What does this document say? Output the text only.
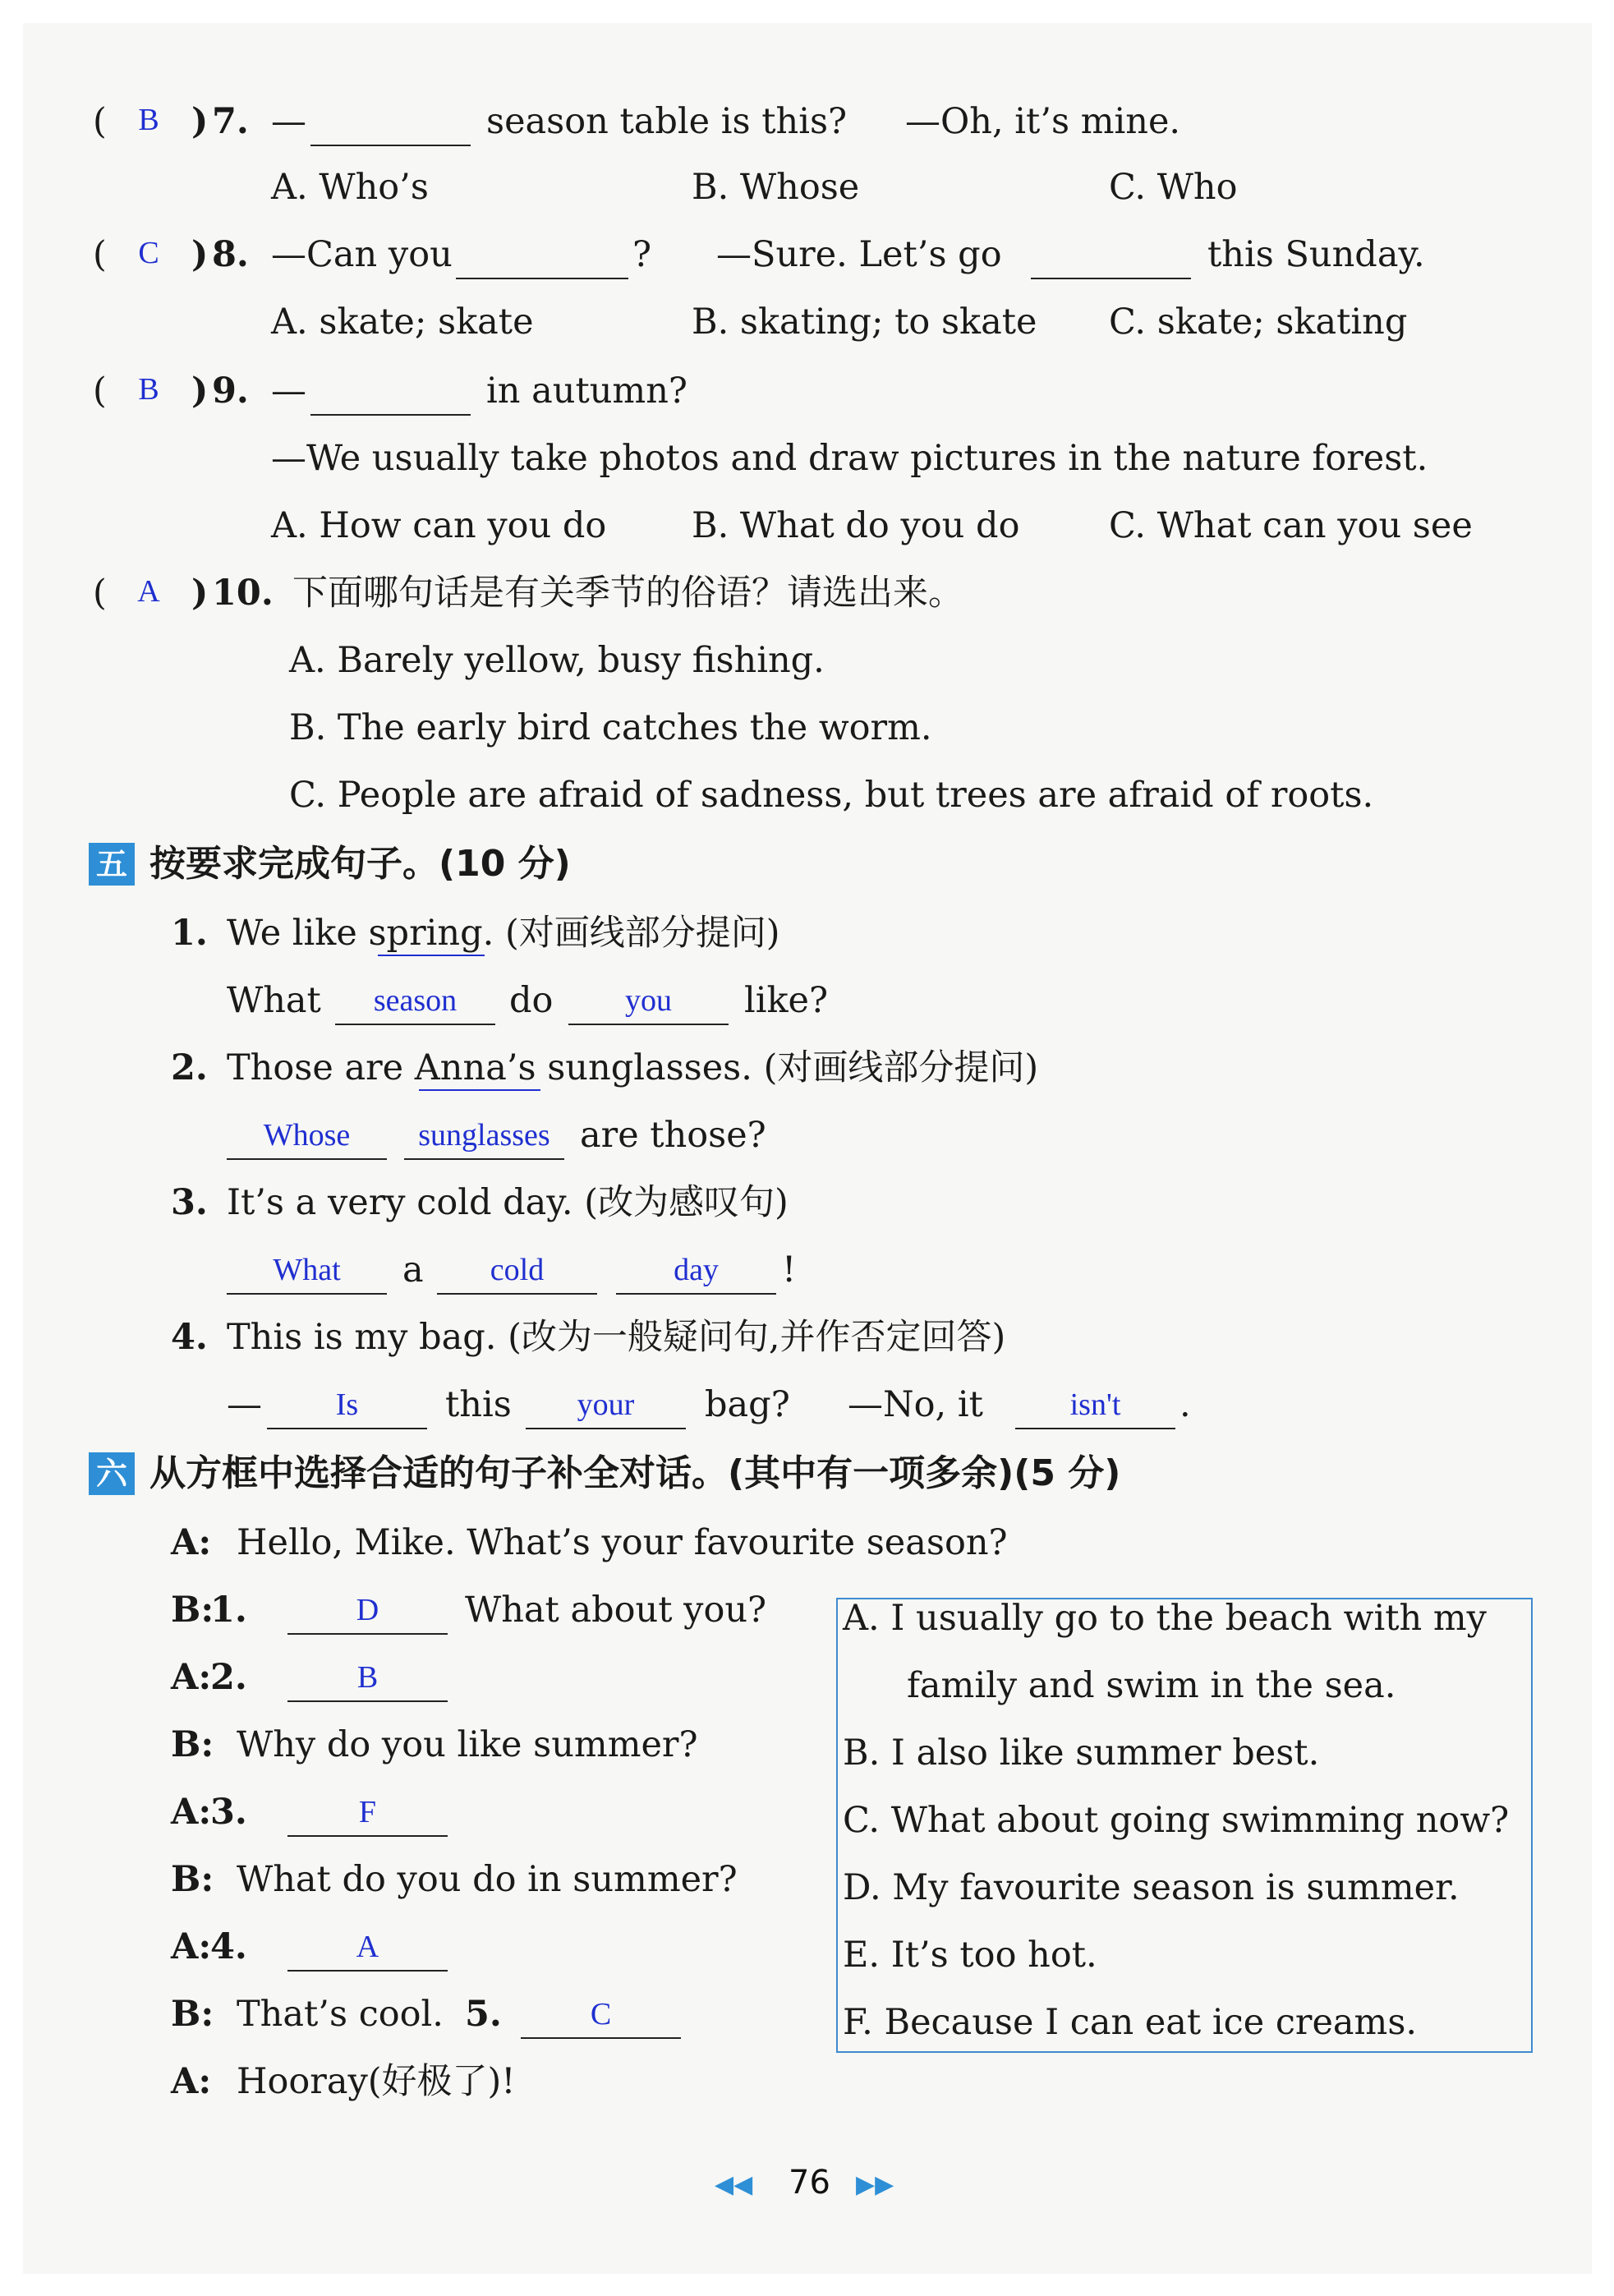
( B ) 7. —	season table is this? —Oh, it’s mine.
A. Who’s	B. Whose	C. Who
( C ) 8. —Can you	? —Sure. Let’s go	this Sunday.
A. skate; skate	B. skating; to skate C. skate; skating
( B ) 9. —	in autumn?
—We usually take photos and draw pictures in the nature forest.
A. How can you do B. What do you do	C. What can you see
( A ) 10. 下面哪句话是有关季节的俗语？请选出来。
A. Barely yellow, busy fishing.
B. The early bird catches the worm.
C. People are afraid of sadness, but trees are afraid of roots.
五 按要求完成句子。(10 分)
1. We like spring. (对画线部分提问)
What	season	do	you	like?
2. Those are Anna’s sunglasses. (对画线部分提问)
Whose	sunglasses are those?
3. It’s a very cold day. (改为感叹句)
What	a	cold	day	!
4. This is my bag. (改为一般疑问句,并作否定回答)
—	Is	this	your	bag? —No, it	isn't	.
六 从方框中选择合适的句子补全对话。(其中有一项多余)(5 分)
A: Hello, Mike. What’s your favourite season?
B:
1.	D	What about you?
A:
2.	B
B: Why do you like summer?
A:
3.	F
B: What do you do in summer?
A:
4.	A
B: That’s cool. 5.	C
A: Hooray(好极了)!
A. I usually go to the beach with my
family and swim in the sea.
B. I also like summer best.
C. What about going swimming now?
D. My favourite season is summer.
E. It’s too hot.
F. Because I can eat ice creams.
◀◀ 76 ▶▶
